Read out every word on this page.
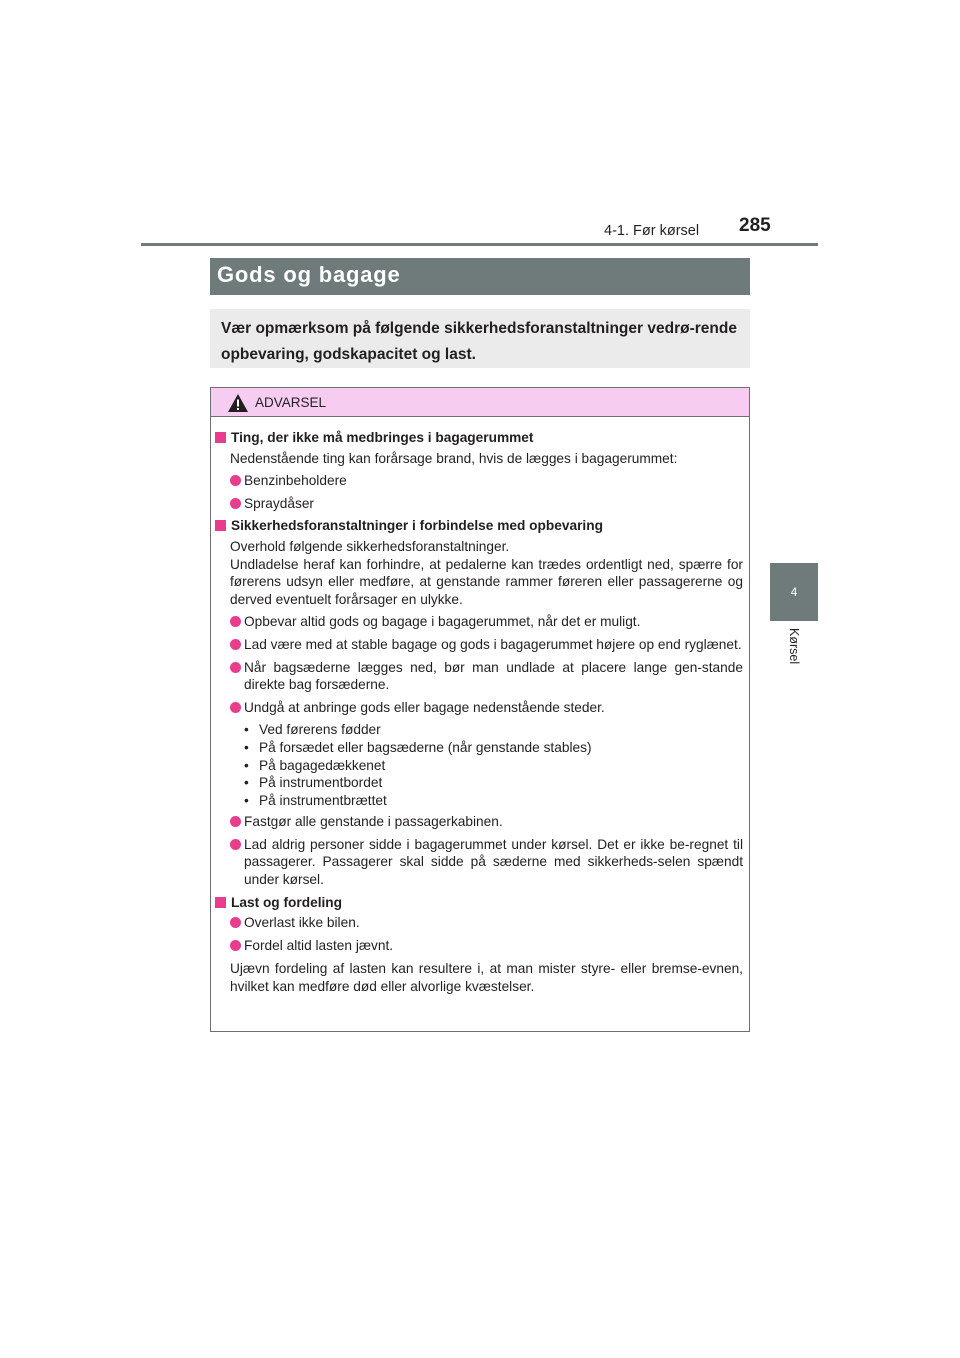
4-1. Før kørsel 285
4
Kørsel
Gods og bagage
Vær opmærksom på følgende sikkerhedsforanstaltninger vedrø-rende opbevaring, godskapacitet og last.
ADVARSEL
Ting, der ikke må medbringes i bagagerummet
Nedenstående ting kan forårsage brand, hvis de lægges i bagagerummet:
Benzinbeholdere
Spraydåser
Sikkerhedsforanstaltninger i forbindelse med opbevaring
Overhold følgende sikkerhedsforanstaltninger.
Undladelse heraf kan forhindre, at pedalerne kan trædes ordentligt ned, spærre for førerens udsyn eller medføre, at genstande rammer føreren eller passagererne og derved eventuelt forårsager en ulykke.
Opbevar altid gods og bagage i bagagerummet, når det er muligt.
Lad være med at stable bagage og gods i bagagerummet højere op end ryglænet.
Når bagsæderne lægges ned, bør man undlade at placere lange gen-stande direkte bag forsæderne.
Undgå at anbringe gods eller bagage nedenstående steder.
• Ved førerens fødder
• På forsædet eller bagsæderne (når genstande stables)
• På bagagedækkenet
• På instrumentbordet
• På instrumentbrættet
Fastgør alle genstande i passagerkabinen.
Lad aldrig personer sidde i bagagerummet under kørsel. Det er ikke be-regnet til passagerer. Passagerer skal sidde på sæderne med sikkerheds-selen spændt under kørsel.
Last og fordeling
Overlast ikke bilen.
Fordel altid lasten jævnt.
Ujævn fordeling af lasten kan resultere i, at man mister styre- eller bremse-evnen, hvilket kan medføre død eller alvorlige kvæstelser.
